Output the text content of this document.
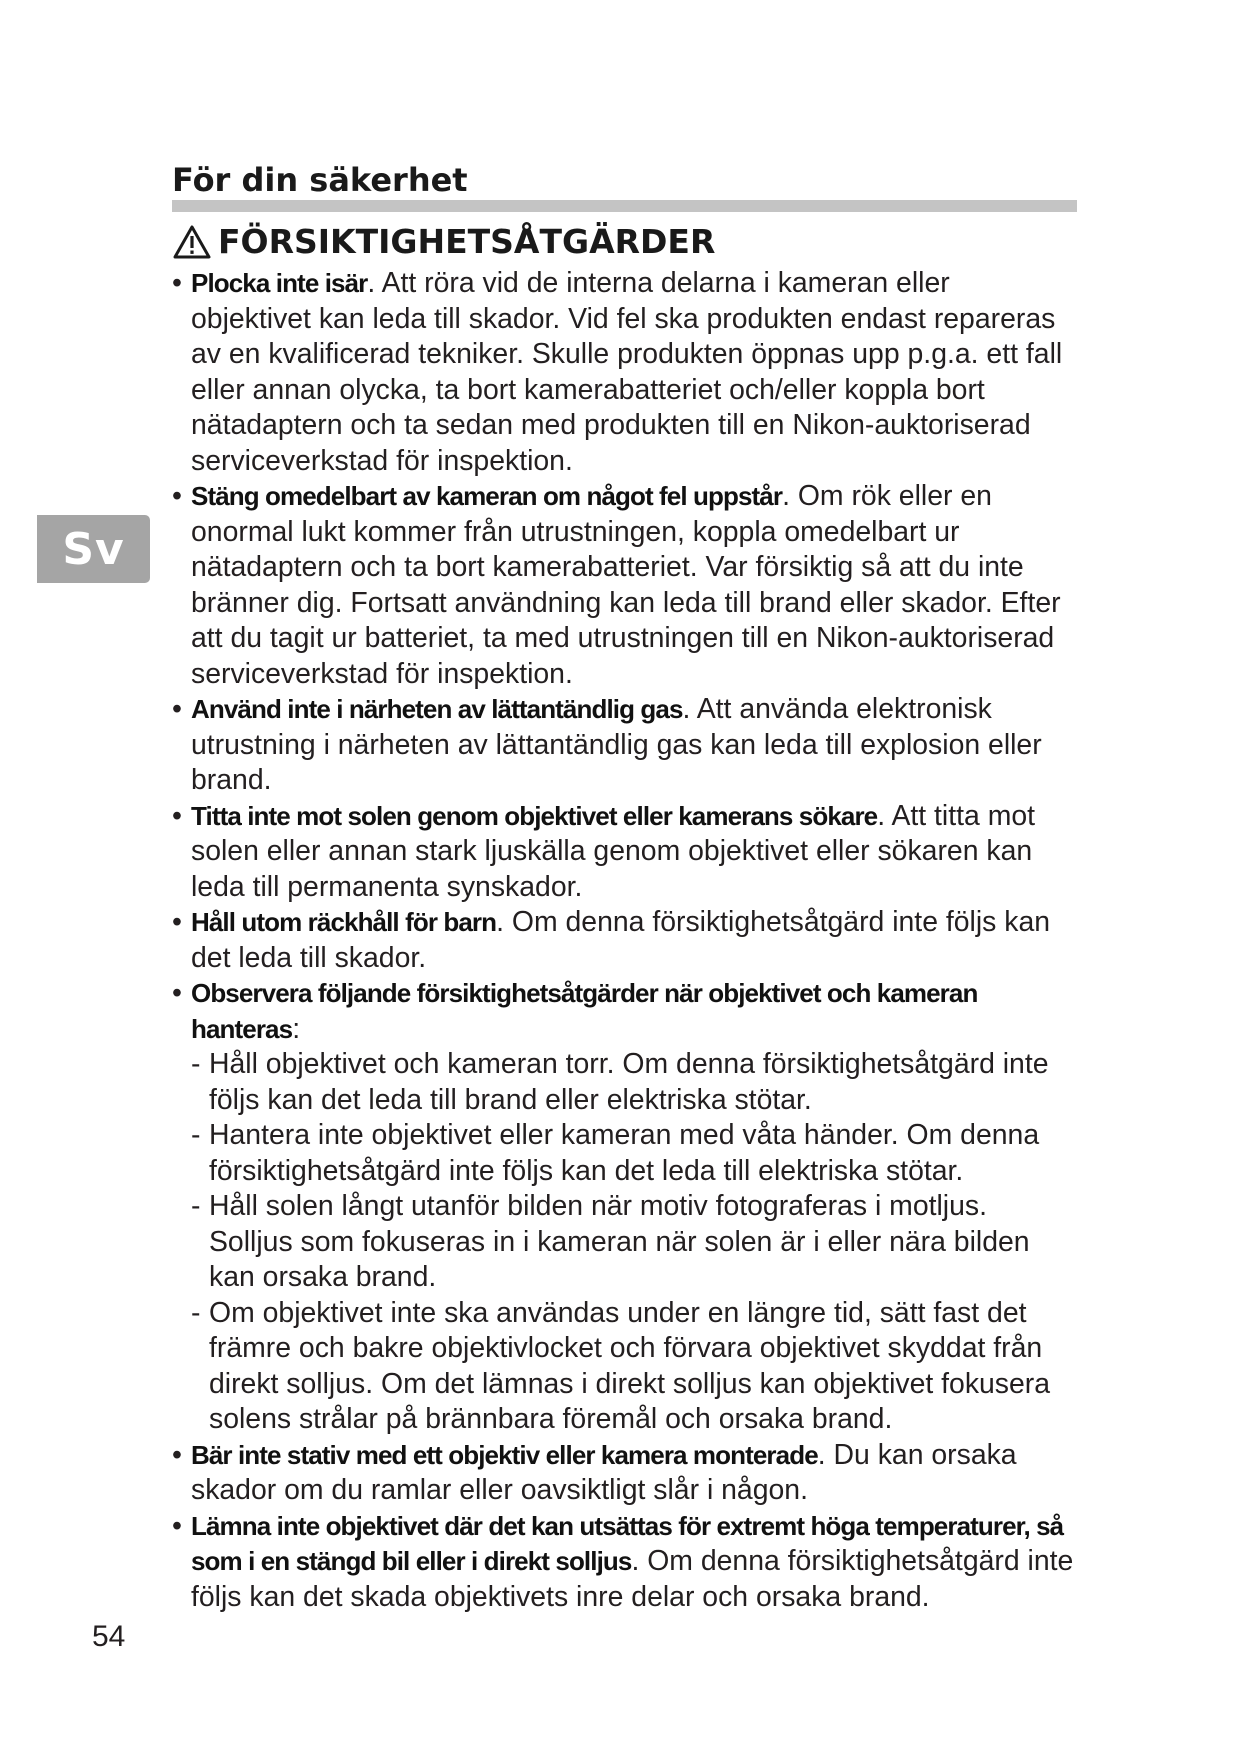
För din säkerhet
FÖRSIKTIGHETSÅTGÄRDER
Sv
• Plocka inte isär. Att röra vid de interna delarna i kameran eller objektivet kan leda till skador. Vid fel ska produkten endast repareras av en kvalificerad tekniker. Skulle produkten öppnas upp p.g.a. ett fall eller annan olycka, ta bort kamerabatteriet och/eller koppla bort nätadaptern och ta sedan med produkten till en Nikon-auktoriserad serviceverkstad för inspektion.
• Stäng omedelbart av kameran om något fel uppstår. Om rök eller en onormal lukt kommer från utrustningen, koppla omedelbart ur nätadaptern och ta bort kamerabatteriet. Var försiktig så att du inte bränner dig. Fortsatt användning kan leda till brand eller skador. Efter att du tagit ur batteriet, ta med utrustningen till en Nikon-auktoriserad serviceverkstad för inspektion.
• Använd inte i närheten av lättantändlig gas. Att använda elektronisk utrustning i närheten av lättantändlig gas kan leda till explosion eller brand.
• Titta inte mot solen genom objektivet eller kamerans sökare. Att titta mot solen eller annan stark ljuskälla genom objektivet eller sökaren kan leda till permanenta synskador.
• Håll utom räckhåll för barn. Om denna försiktighetsåtgärd inte följs kan det leda till skador.
• Observera följande försiktighetsåtgärder när objektivet och kameran hanteras:
- Håll objektivet och kameran torr. Om denna försiktighetsåtgärd inte följs kan det leda till brand eller elektriska stötar.
- Hantera inte objektivet eller kameran med våta händer. Om denna försiktighetsåtgärd inte följs kan det leda till elektriska stötar.
- Håll solen långt utanför bilden när motiv fotograferas i motljus. Solljus som fokuseras in i kameran när solen är i eller nära bilden kan orsaka brand.
- Om objektivet inte ska användas under en längre tid, sätt fast det främre och bakre objektivlocket och förvara objektivet skyddat från direkt solljus. Om det lämnas i direkt solljus kan objektivet fokusera solens strålar på brännbara föremål och orsaka brand.
• Bär inte stativ med ett objektiv eller kamera monterade. Du kan orsaka skador om du ramlar eller oavsiktligt slår i någon.
• Lämna inte objektivet där det kan utsättas för extremt höga temperaturer, så som i en stängd bil eller i direkt solljus. Om denna försiktighetsåtgärd inte följs kan det skada objektivets inre delar och orsaka brand.
54
